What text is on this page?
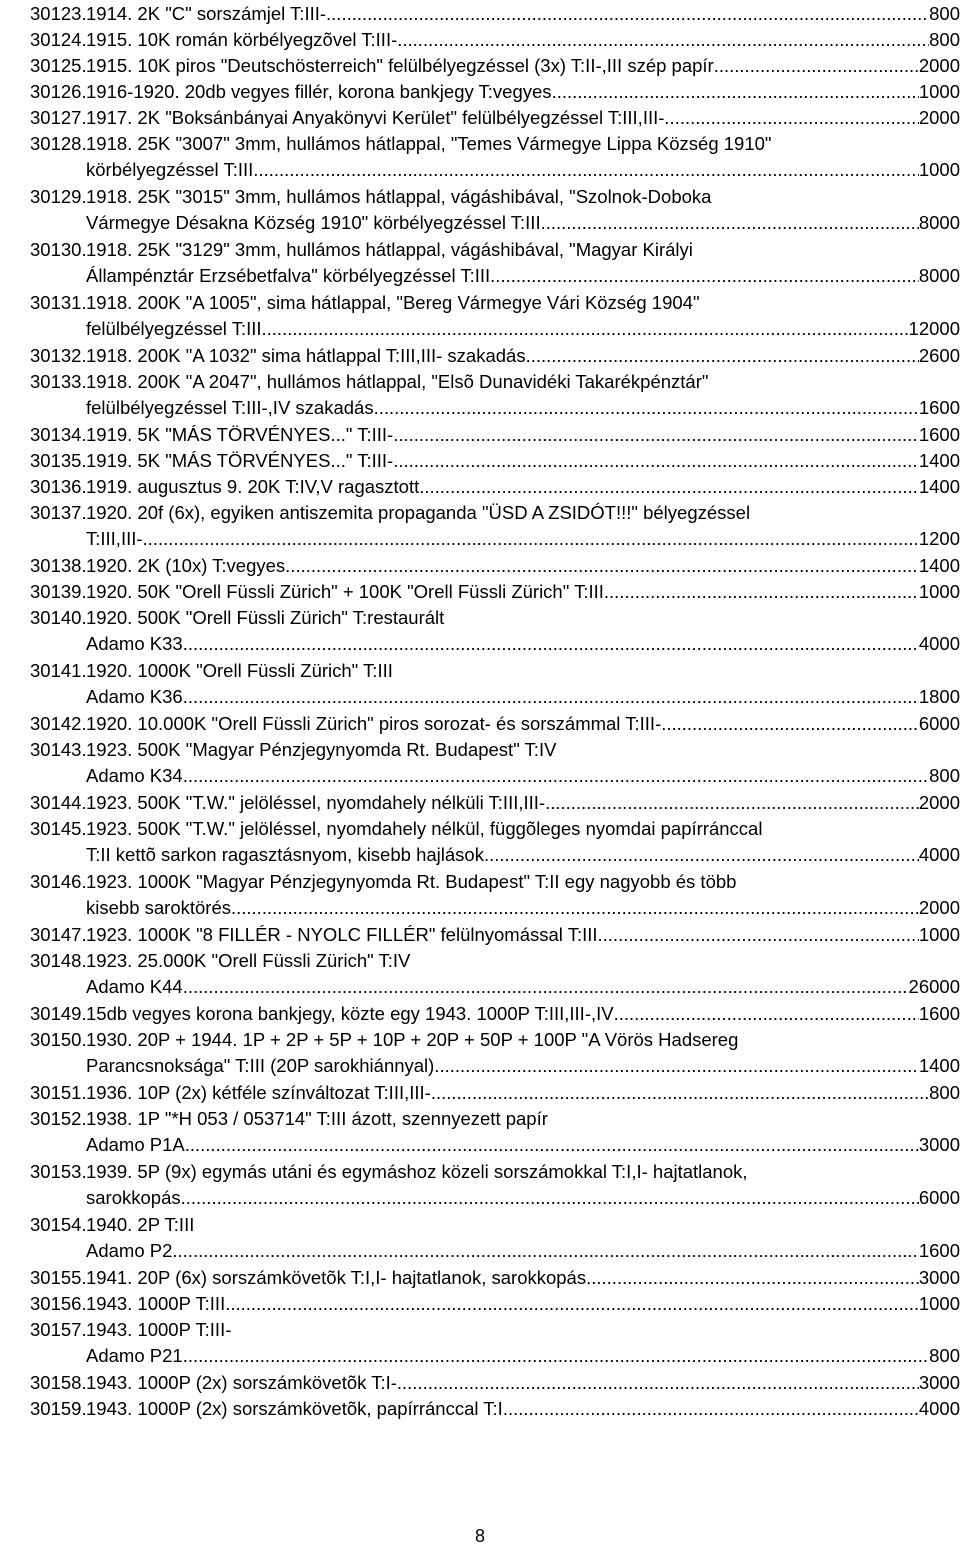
30123. 1914. 2K "C" sorszámjel T:III- .....	800
30124. 1915. 10K román körbélyegzõvel T:III- .....	800
30125. 1915. 10K piros "Deutschösterreich" felülbélyegzéssel (3x) T:II-,III szép papír .....	2000
30126. 1916-1920. 20db vegyes fillér, korona bankjegy T:vegyes .....	1000
30127. 1917. 2K "Boksánbányai Anyakönyvi Kerület" felülbélyegzéssel T:III,III- .....	2000
30128. 1918. 25K "3007" 3mm, hullámos hátlappal, "Temes Vármegye Lippa Község 1910"
körbélyegzéssel T:III .....	1000
30129. 1918. 25K "3015" 3mm, hullámos hátlappal, vágáshibával, "Szolnok-Doboka
Vármegye Désakna Község 1910" körbélyegzéssel T:III .....	8000
30130. 1918. 25K "3129" 3mm, hullámos hátlappal, vágáshibával, "Magyar Királyi
Állampénztár Erzsébetfalva" körbélyegzéssel T:III .....	8000
30131. 1918. 200K "A 1005", sima hátlappal, "Bereg Vármegye Vári Község 1904"
felülbélyegzéssel T:III .....	12000
30132. 1918. 200K "A 1032" sima hátlappal T:III,III- szakadás .....	2600
30133. 1918. 200K "A 2047", hullámos hátlappal, "Elsõ Dunavidéki Takarékpénztár"
felülbélyegzéssel T:III-,IV szakadás .....	1600
30134. 1919. 5K "MÁS TÖRVÉNYES..." T:III- .....	1600
30135. 1919. 5K "MÁS TÖRVÉNYES..." T:III- .....	1400
30136. 1919. augusztus 9. 20K T:IV,V ragasztott .....	1400
30137. 1920. 20f (6x), egyiken antiszemita propaganda "ÜSD A ZSIDÓT!!!" bélyegzéssel
T:III,III- .....	1200
30138. 1920. 2K (10x) T:vegyes .....	1400
30139. 1920. 50K "Orell Füssli Zürich" + 100K "Orell Füssli Zürich" T:III .....	1000
30140. 1920. 500K "Orell Füssli Zürich" T:restaurált
Adamo K33 .....	4000
30141. 1920. 1000K "Orell Füssli Zürich" T:III
Adamo K36 .....	1800
30142. 1920. 10.000K "Orell Füssli Zürich" piros sorozat- és sorszámmal T:III- .....	6000
30143. 1923. 500K "Magyar Pénzjegynyomda Rt. Budapest" T:IV
Adamo K34 .....	800
30144. 1923. 500K "T.W." jelöléssel, nyomdahely nélküli T:III,III- .....	2000
30145. 1923. 500K "T.W." jelöléssel, nyomdahely nélkül, függõleges nyomdai papírránccal
T:II kettõ sarkon ragasztásnyom, kisebb hajlások .....	4000
30146. 1923. 1000K "Magyar Pénzjegynyomda Rt. Budapest" T:II egy nagyobb és több
kisebb saroktörés .....	2000
30147. 1923. 1000K "8 FILLÉR - NYOLC FILLÉR" felülnyomással T:III .....	1000
30148. 1923. 25.000K "Orell Füssli Zürich" T:IV
Adamo K44 .....	26000
30149. 15db vegyes korona bankjegy, közte egy 1943. 1000P T:III,III-,IV .....	1600
30150. 1930. 20P + 1944. 1P + 2P + 5P + 10P + 20P + 50P + 100P "A Vörös Hadsereg
Parancsnoksága" T:III (20P sarokhiánnyal) .....	1400
30151. 1936. 10P (2x) kétféle színváltozat T:III,III- .....	800
30152. 1938. 1P "*H 053 / 053714" T:III ázott, szennyezett papír
Adamo P1A .....	3000
30153. 1939. 5P (9x) egymás utáni és egymáshoz közeli sorszámokkal T:I,I- hajtatlanok,
sarokkopás .....	6000
30154. 1940. 2P T:III
Adamo P2 .....	1600
30155. 1941. 20P (6x) sorszámkövetõk T:I,I- hajtatlanok, sarokkopás .....	3000
30156. 1943. 1000P T:III .....	1000
30157. 1943. 1000P T:III-
Adamo P21 .....	800
30158. 1943. 1000P (2x) sorszámkövetõk T:I- .....	3000
30159. 1943. 1000P (2x) sorszámkövetõk, papírránccal T:I .....	4000
8
